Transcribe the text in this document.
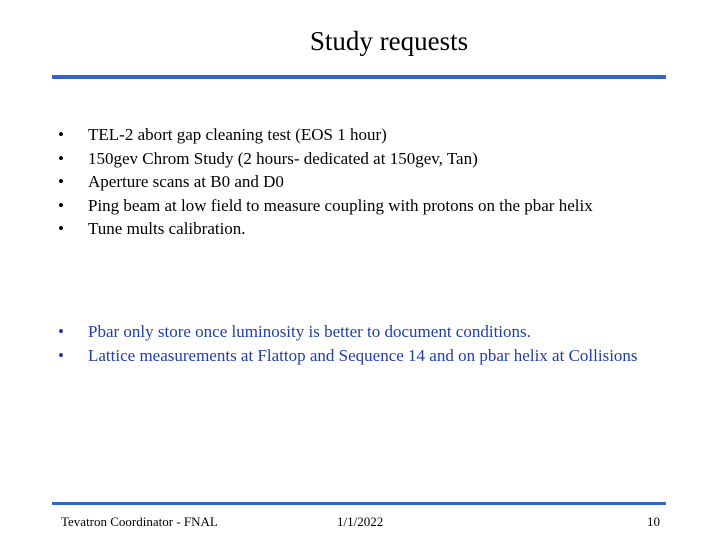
Study requests
• TEL-2 abort gap cleaning test (EOS 1 hour)
• 150gev Chrom Study (2 hours- dedicated at 150gev, Tan)
• Aperture scans at B0 and D0
• Ping beam at low field to measure coupling with protons on the pbar helix
• Tune mults calibration.
• Pbar only store once luminosity is better to document conditions.
• Lattice measurements at Flattop and Sequence 14 and on pbar helix at Collisions
Tevatron Coordinator - FNAL	1/1/2022	10
